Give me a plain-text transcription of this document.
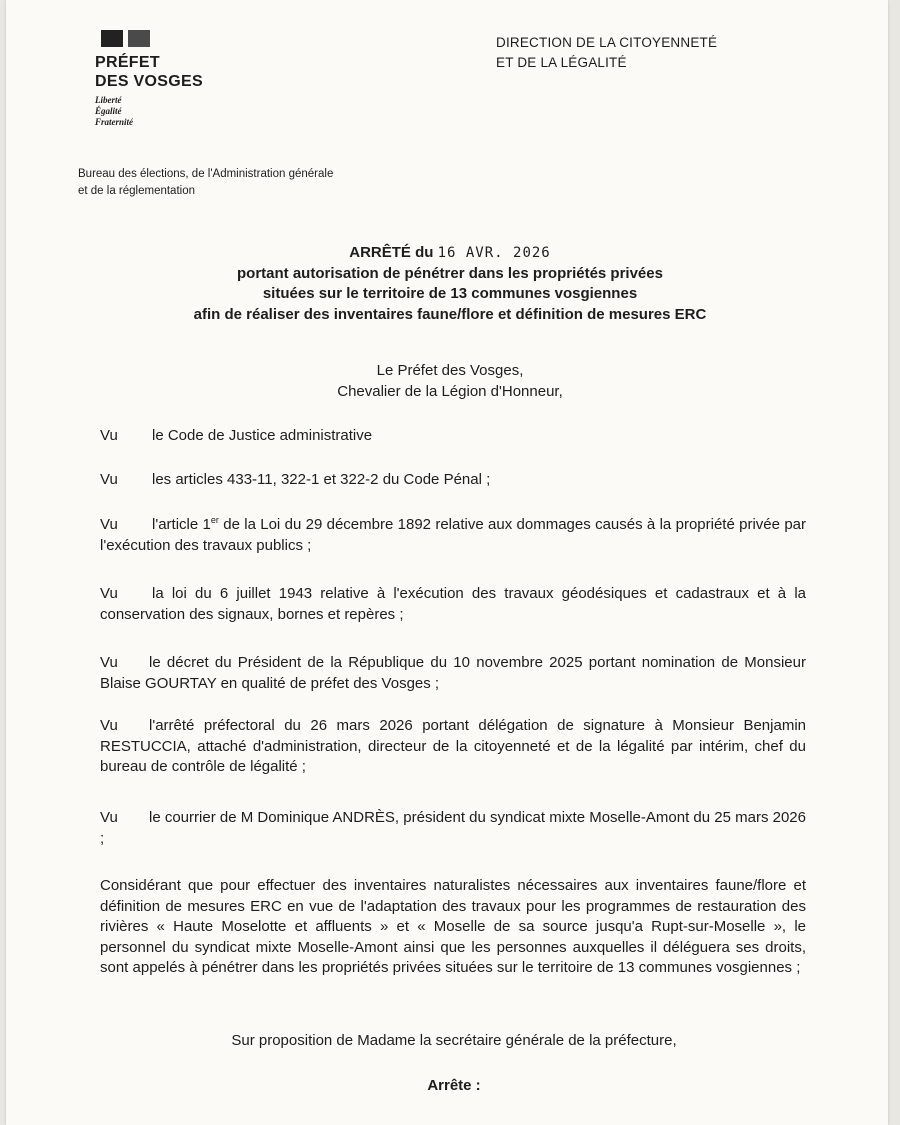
PRÉFET
DES VOSGES
Liberté
Égalité
Fraternité
DIRECTION DE LA CITOYENNETÉ
ET DE LA LÉGALITÉ
Bureau des élections, de l'Administration générale
et de la réglementation
ARRÊTÉ du 16 AVR. 2026
portant autorisation de pénétrer dans les propriétés privées
situées sur le territoire de 13 communes vosgiennes
afin de réaliser des inventaires faune/flore et définition de mesures ERC
Le Préfet des Vosges,
Chevalier de la Légion d'Honneur,
Vu le Code de Justice administrative
Vu les articles 433-11, 322-1 et 322-2 du Code Pénal ;
Vu l'article 1er de la Loi du 29 décembre 1892 relative aux dommages causés à la propriété privée par l'exécution des travaux publics ;
Vu la loi du 6 juillet 1943 relative à l'exécution des travaux géodésiques et cadastraux et à la conservation des signaux, bornes et repères ;
Vu le décret du Président de la République du 10 novembre 2025 portant nomination de Monsieur Blaise GOURTAY en qualité de préfet des Vosges ;
Vu l'arrêté préfectoral du 26 mars 2026 portant délégation de signature à Monsieur Benjamin RESTUCCIA, attaché d'administration, directeur de la citoyenneté et de la légalité par intérim, chef du bureau de contrôle de légalité ;
Vu le courrier de M Dominique ANDRÈS, président du syndicat mixte Moselle-Amont du 25 mars 2026 ;
Considérant que pour effectuer des inventaires naturalistes nécessaires aux inventaires faune/flore et définition de mesures ERC en vue de l'adaptation des travaux pour les programmes de restauration des rivières « Haute Moselotte et affluents » et « Moselle de sa source jusqu'a Rupt-sur-Moselle », le personnel du syndicat mixte Moselle-Amont ainsi que les personnes auxquelles il déléguera ses droits, sont appelés à pénétrer dans les propriétés privées situées sur le territoire de 13 communes vosgiennes ;
Sur proposition de Madame la secrétaire générale de la préfecture,
Arrête :
